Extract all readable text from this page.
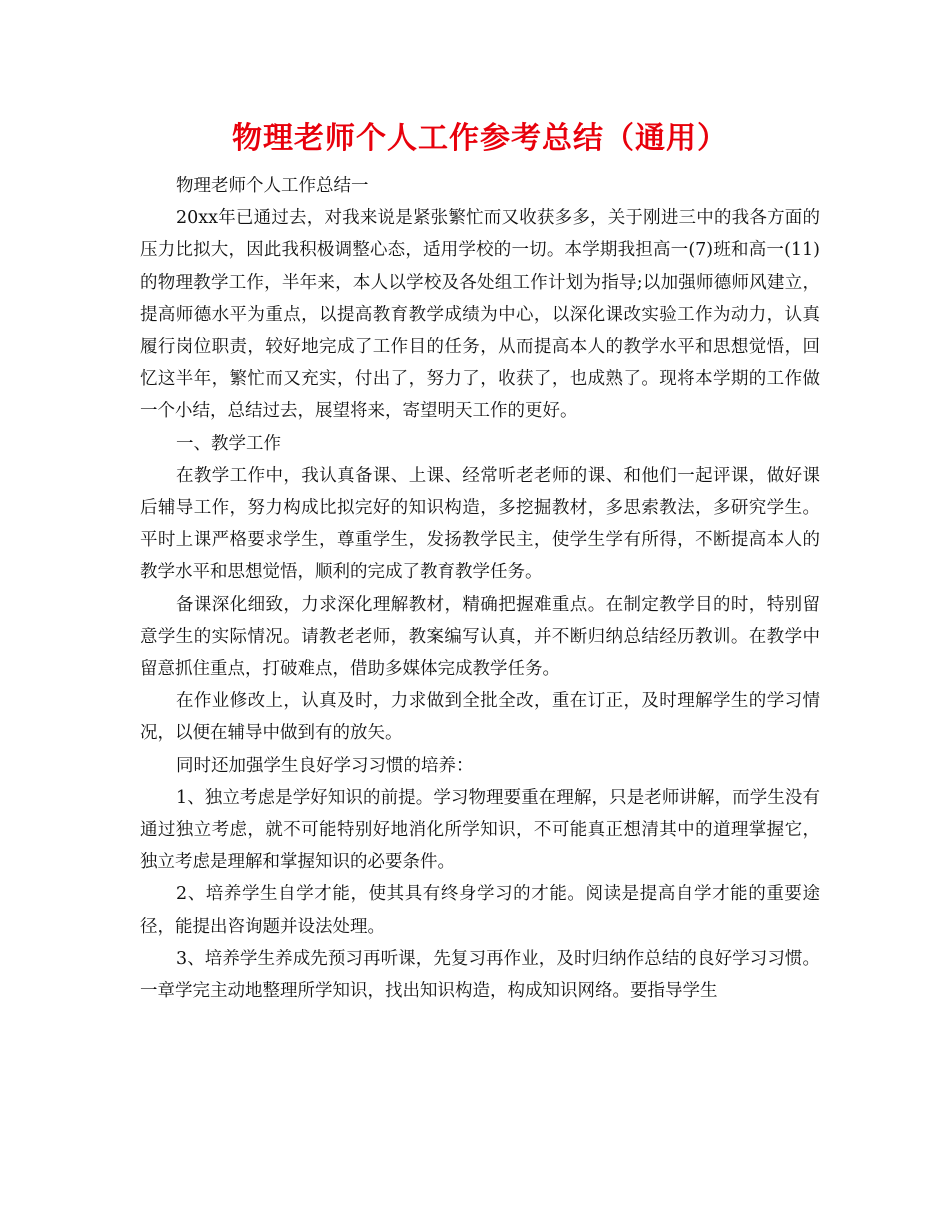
物理老师个人工作参考总结（通用）

物理老师个人工作总结一

20xx年已通过去，对我来说是紧张繁忙而又收获多多，关于刚进三中的我各方面的压力比拟大，因此我积极调整心态，适用学校的一切。本学期我担高一(7)班和高一(11)的物理教学工作，半年来，本人以学校及各处组工作计划为指导;以加强师德师风建立，提高师德水平为重点，以提高教育教学成绩为中心，以深化课改实验工作为动力，认真履行岗位职责，较好地完成了工作目的任务，从而提高本人的教学水平和思想觉悟，回忆这半年，繁忙而又充实，付出了，努力了，收获了，也成熟了。现将本学期的工作做一个小结，总结过去，展望将来，寄望明天工作的更好。

一、教学工作

在教学工作中，我认真备课、上课、经常听老老师的课、和他们一起评课，做好课后辅导工作，努力构成比拟完好的知识构造，多挖掘教材，多思索教法，多研究学生。平时上课严格要求学生，尊重学生，发扬教学民主，使学生学有所得，不断提高本人的教学水平和思想觉悟，顺利的完成了教育教学任务。

备课深化细致，力求深化理解教材，精确把握难重点。在制定教学目的时，特别留意学生的实际情况。请教老老师，教案编写认真，并不断归纳总结经历教训。在教学中留意抓住重点，打破难点，借助多媒体完成教学任务。

在作业修改上，认真及时，力求做到全批全改，重在订正，及时理解学生的学习情况，以便在辅导中做到有的放矢。

同时还加强学生良好学习习惯的培养：

1、独立考虑是学好知识的前提。学习物理要重在理解，只是老师讲解，而学生没有通过独立考虑，就不可能特别好地消化所学知识，不可能真正想清其中的道理掌握它，独立考虑是理解和掌握知识的必要条件。

2、培养学生自学才能，使其具有终身学习的才能。阅读是提高自学才能的重要途径，能提出咨询题并设法处理。

3、培养学生养成先预习再听课，先复习再作业，及时归纳作总结的良好学习习惯。一章学完主动地整理所学知识，找出知识构造，构成知识网络。要指导学生
